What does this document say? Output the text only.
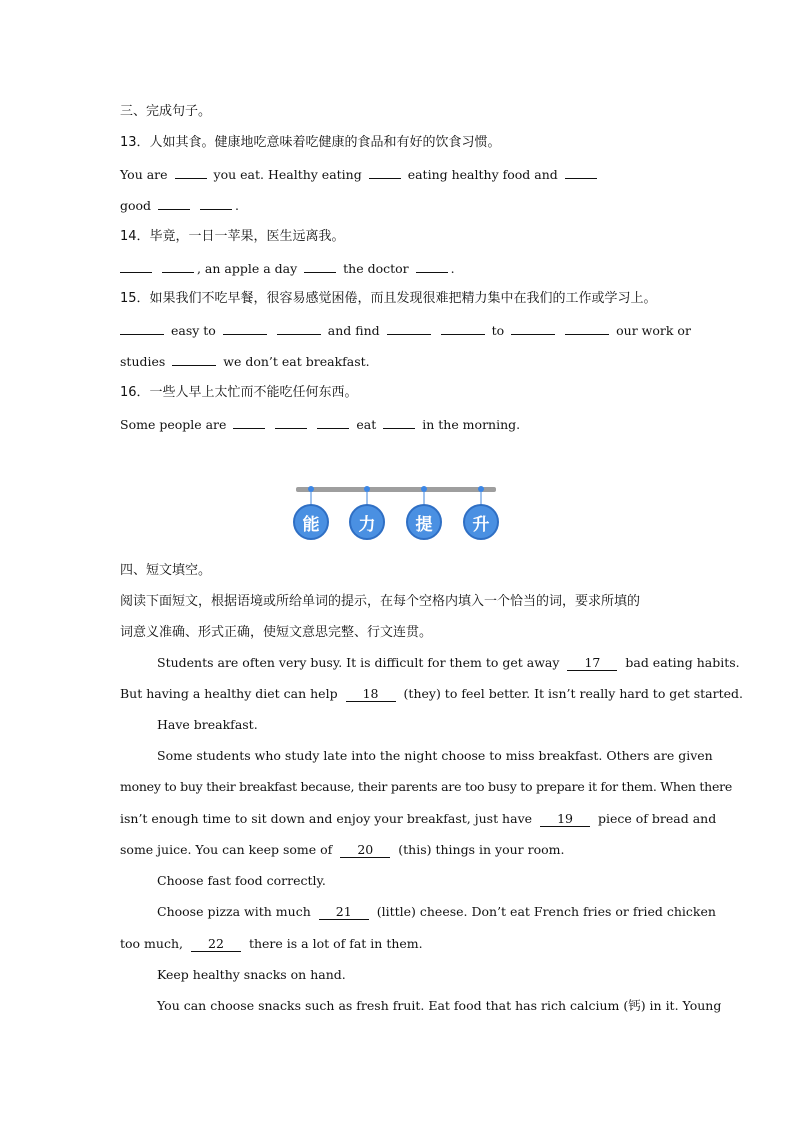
三、完成句子。
13．人如其食。健康地吃意味着吃健康的食品和有好的饮食习惯。
You are	you eat. Healthy eating	eating healthy food and
good	.
14．毕竟，一日一苹果，医生远离我。
, an apple a day	the doctor	.
15．如果我们不吃早餐，很容易感觉困倦，而且发现很难把精力集中在我们的工作或学习上。
easy to	and find	to	our work or
studies	we don’t eat breakfast.
16．一些人早上太忙而不能吃任何东西。
Some people are	eat	in the morning.
能	力	提	升
四、短文填空。
阅读下面短文，根据语境或所给单词的提示，在每个空格内填入一个恰当的词，要求所填的
词意义准确、形式正确，使短文意思完整、行文连贯。
Students are often very busy. It is difficult for them to get away 17 bad eating habits.
But having a healthy diet can help 18 (they) to feel better. It isn’t really hard to get started.
Have breakfast.
Some students who study late into the night choose to miss breakfast. Others are given
money to buy their breakfast because, their parents are too busy to prepare it for them. When there
isn’t enough time to sit down and enjoy your breakfast, just have 19 piece of bread and
some juice. You can keep some of 20 (this) things in your room.
Choose fast food correctly.
Choose pizza with much 21 (little) cheese. Don’t eat French fries or fried chicken
too much, 22 there is a lot of fat in them.
Keep healthy snacks on hand.
You can choose snacks such as fresh fruit. Eat food that has rich calcium (钙) in it. Young
